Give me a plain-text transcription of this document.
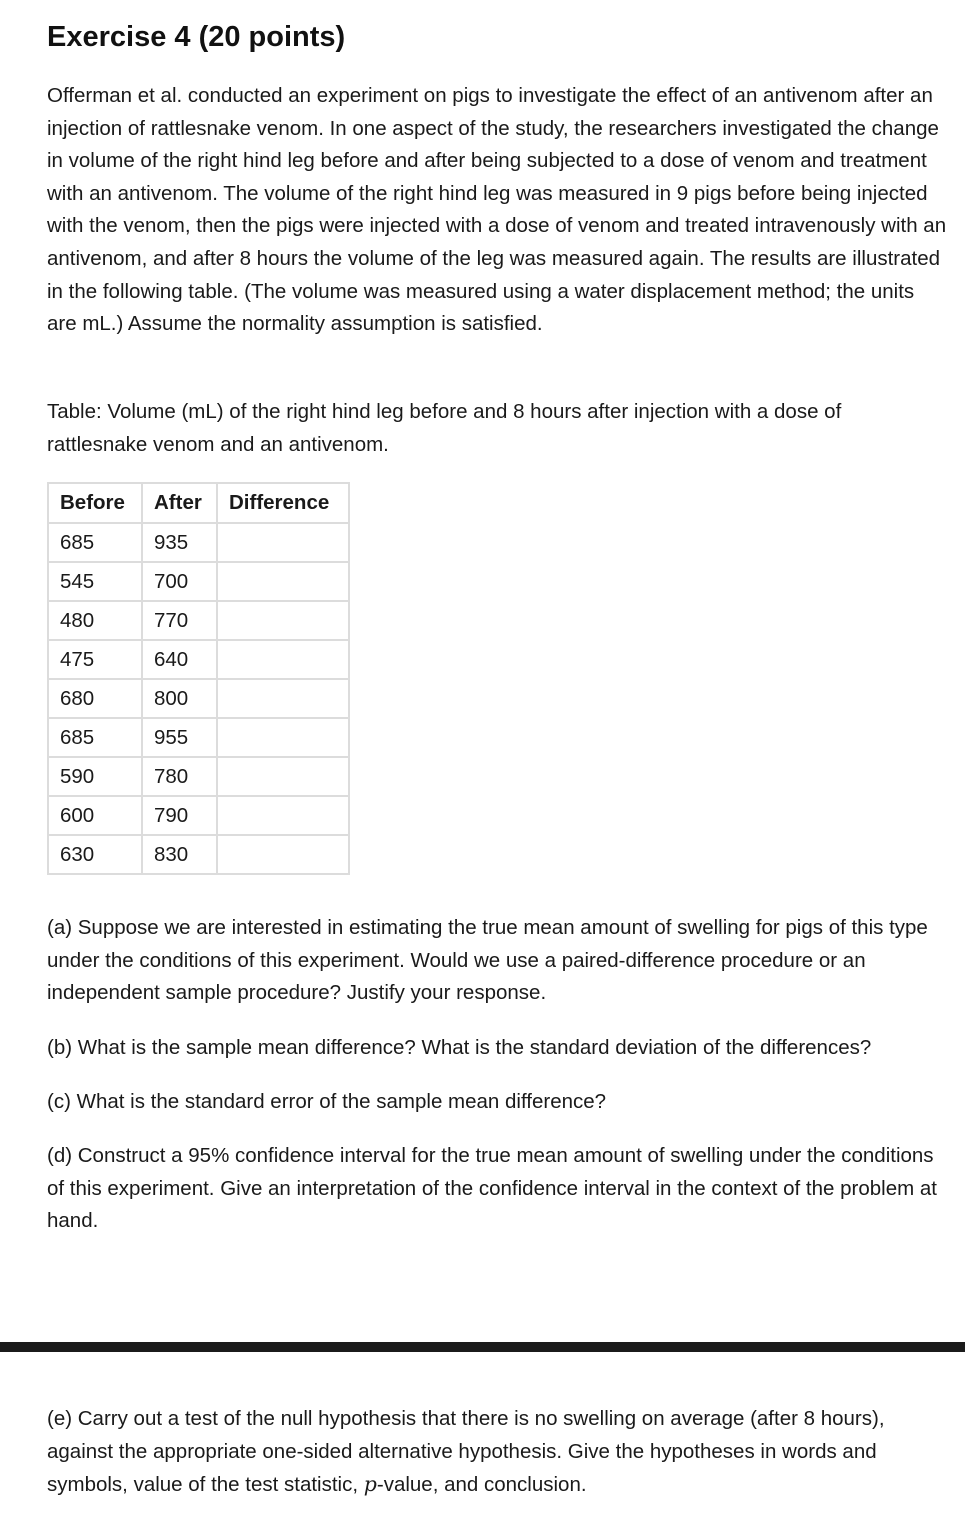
Exercise 4 (20 points)

Offerman et al. conducted an experiment on pigs to investigate the effect of an antivenom after an injection of rattlesnake venom. In one aspect of the study, the researchers investigated the change in volume of the right hind leg before and after being subjected to a dose of venom and treatment with an antivenom. The volume of the right hind leg was measured in 9 pigs before being injected with the venom, then the pigs were injected with a dose of venom and treated intravenously with an antivenom, and after 8 hours the volume of the leg was measured again. The results are illustrated in the following table. (The volume was measured using a water displacement method; the units are mL.) Assume the normality assumption is satisfied.

Table: Volume (mL) of the right hind leg before and 8 hours after injection with a dose of rattlesnake venom and an antivenom.

Before	After	Difference
685	935	
545	700	
480	770	
475	640	
680	800	
685	955	
590	780	
600	790	
630	830	

(a) Suppose we are interested in estimating the true mean amount of swelling for pigs of this type under the conditions of this experiment. Would we use a paired-difference procedure or an independent sample procedure? Justify your response.

(b) What is the sample mean difference? What is the standard deviation of the differences?

(c) What is the standard error of the sample mean difference?

(d) Construct a 95% confidence interval for the true mean amount of swelling under the conditions of this experiment. Give an interpretation of the confidence interval in the context of the problem at hand.

(e) Carry out a test of the null hypothesis that there is no swelling on average (after 8 hours), against the appropriate one-sided alternative hypothesis. Give the hypotheses in words and symbols, value of the test statistic, p-value, and conclusion.
